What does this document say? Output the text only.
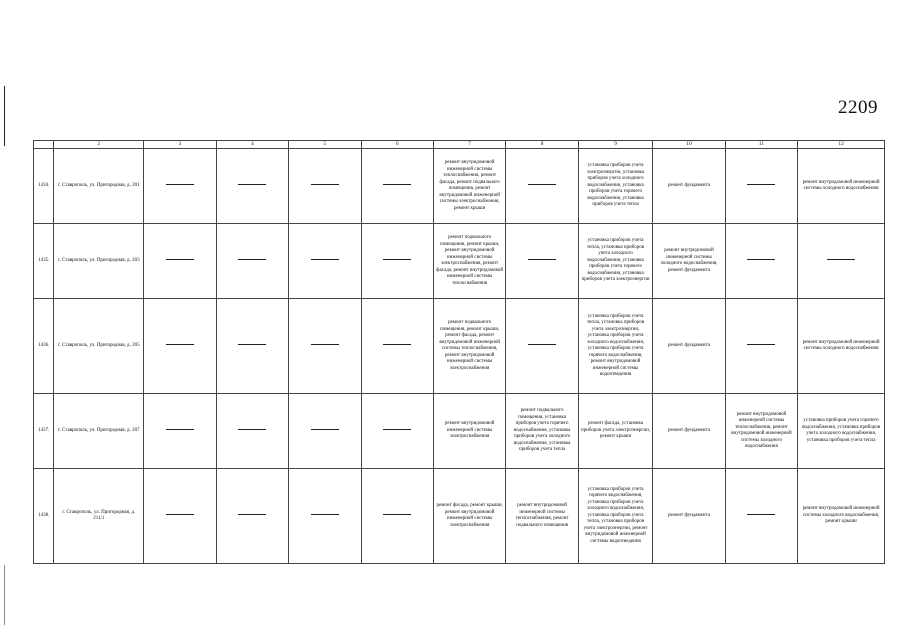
2209
	2	3	4	5	6	7	8	9	10	11	12
1434.	г. Ставрополь, ул. Пригородная, д. 201					ремонт внутридомовой инженерной системы теплоснабжения, ремонт фасада, ремонт подвального помещения, ремонт внутридомовой инженерной системы электроснабжения, ремонт крыши		установка приборов учета электроэнергии, установка приборов учета холодного водоснабжения, установка приборов учета горячего водоснабжения, установка приборов учета тепла	ремонт фундамента		ремонт внутридомовой инженерной системы холодного водоснабжения
1435.	г. Ставрополь, ул. Пригородная, д. 203					ремонт подвального помещения, ремонт крыши, ремонт внутридомовой инженерной системы электроснабжения, ремонт фасада, ремонт внутридомовой инженерной системы теплоснабжения		установка приборов учета тепла, установка приборов учета холодного водоснабжения, установка приборов учета горячего водоснабжения, установка приборов учета электроэнергии	ремонт внутридомовой инженерной системы холодного водоснабжения, ремонт фундамента		
1436.	г. Ставрополь, ул. Пригородная, д. 205					ремонт подвального помещения, ремонт крыши, ремонт фасада, ремонт внутридомовой инженерной системы теплоснабжения, ремонт внутридомовой инженерной системы электроснабжения		установка приборов учета тепла, установка приборов учета электроэнергии, установка приборов учета холодного водоснабжения, установка приборов учета горячего водоснабжения, ремонт внутридомовой инженерной системы водоотведения	ремонт фундамента		ремонт внутридомовой инженерной системы холодного водоснабжения
1437.	г. Ставрополь, ул. Пригородная, д. 207					ремонт внутридомовой инженерной системы электроснабжения	ремонт подвального помещения, установка приборов учета горячего водоснабжения, установка приборов учета холодного водоснабжения, установка приборов учета тепла	ремонт фасада, установка приборов учета электроэнергии, ремонт крыши	ремонт фундамента	ремонт внутридомовой инженерной системы теплоснабжения, ремонт внутридомовой инженерной системы холодного водоснабжения	установка приборов учета горячего водоснабжения, установка приборов учета холодного водоснабжения, установка приборов учета тепла
1438.	г. Ставрополь, ул. Пригородная, д. 211/1					ремонт фасада, ремонт крыши, ремонт внутридомовой инженерной системы электроснабжения	ремонт внутридомовой инженерной системы теплоснабжения, ремонт подвального помещения	установка приборов учета горячего водоснабжения, установка приборов учета холодного водоснабжения, установка приборов учета тепла, установка приборов учета электроэнергии, ремонт внутридомовой инженерной системы водоотведения	ремонт фундамента		ремонт внутридомовой инженерной системы холодного водоснабжения, ремонт крыши
